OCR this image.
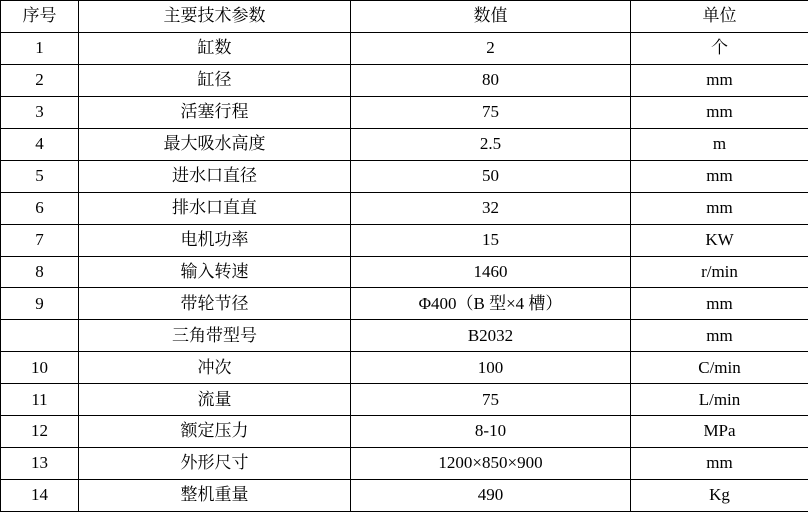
序号	主要技术参数	数值	单位
1	缸数	2	个
2	缸径	80	mm
3	活塞行程	75	mm
4	最大吸水高度	2.5	m
5	进水口直径	50	mm
6	排水口直直	32	mm
7	电机功率	15	KW
8	输入转速	1460	r/min
9	带轮节径	Φ400（B 型×4 槽）	mm
	三角带型号	B2032	mm
10	冲次	100	C/min
11	流量	75	L/min
12	额定压力	8-10	MPa
13	外形尺寸	1200×850×900	mm
14	整机重量	490	Kg
